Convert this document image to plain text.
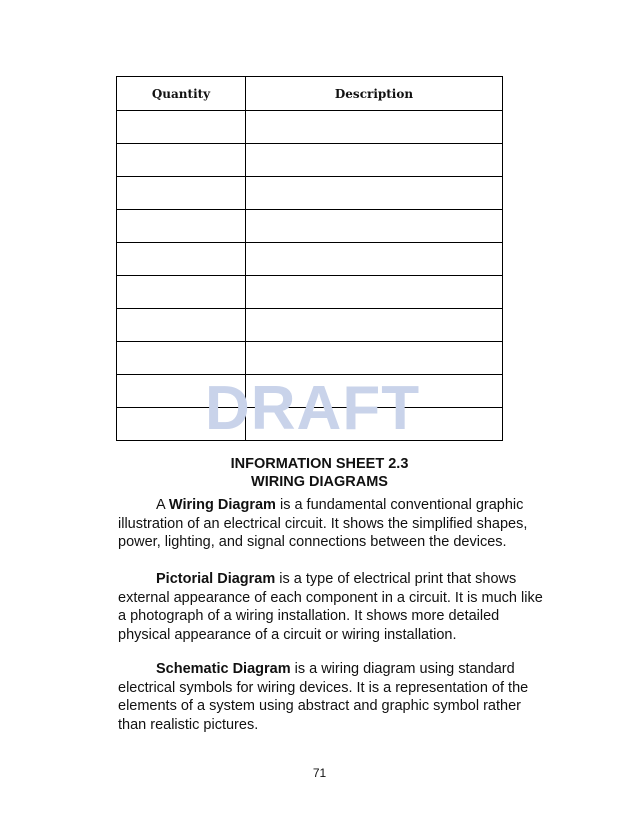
Quantity	Description

DRAFT
INFORMATION SHEET 2.3
WIRING DIAGRAMS

A Wiring Diagram is a fundamental conventional graphic illustration of an electrical circuit. It shows the simplified shapes, power, lighting, and signal connections between the devices.

Pictorial Diagram is a type of electrical print that shows external appearance of each component in a circuit. It is much like a photograph of a wiring installation. It shows more detailed physical appearance of a circuit or wiring installation.

Schematic Diagram is a wiring diagram using standard electrical symbols for wiring devices. It is a representation of the elements of a system using abstract and graphic symbol rather than realistic pictures.

71
